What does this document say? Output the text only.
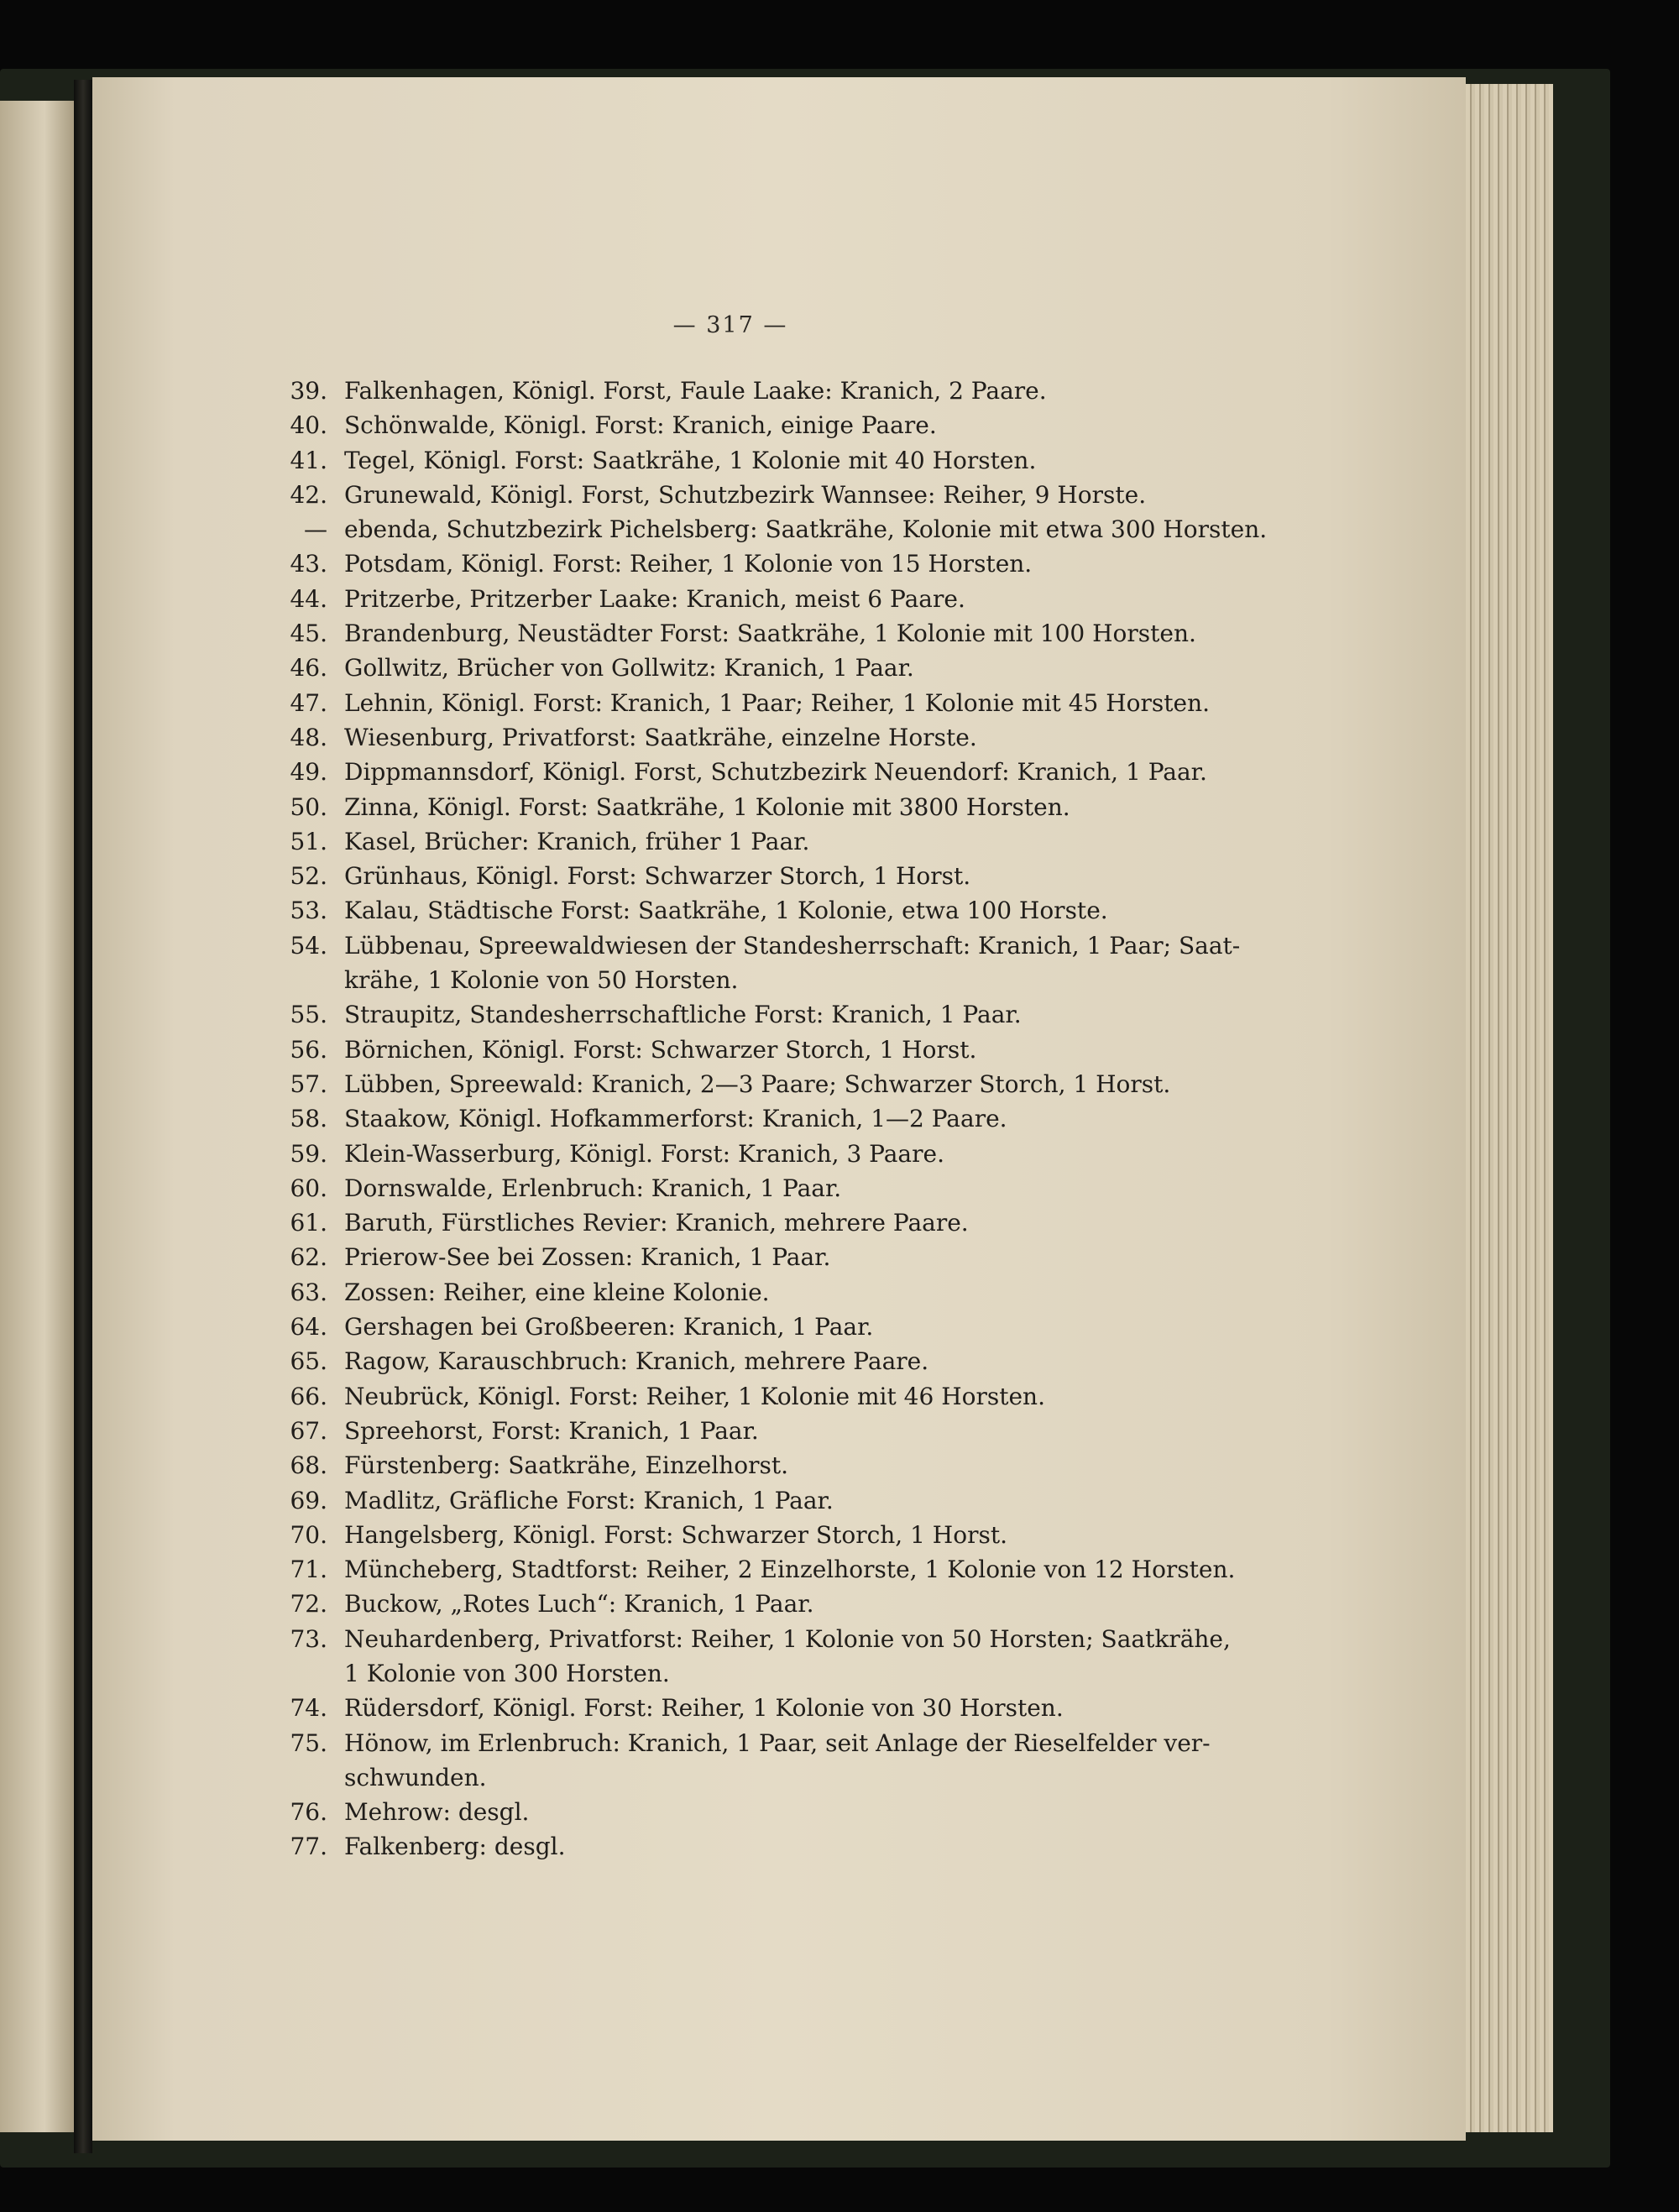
— 317 —
39. Falkenhagen, Königl. Forst, Faule Laake: Kranich, 2 Paare.
40. Schönwalde, Königl. Forst: Kranich, einige Paare.
41. Tegel, Königl. Forst: Saatkrähe, 1 Kolonie mit 40 Horsten.
42. Grunewald, Königl. Forst, Schutzbezirk Wannsee: Reiher, 9 Horste.
— ebenda, Schutzbezirk Pichelsberg: Saatkrähe, Kolonie mit etwa 300 Horsten.
43. Potsdam, Königl. Forst: Reiher, 1 Kolonie von 15 Horsten.
44. Pritzerbe, Pritzerber Laake: Kranich, meist 6 Paare.
45. Brandenburg, Neustädter Forst: Saatkrähe, 1 Kolonie mit 100 Horsten.
46. Gollwitz, Brücher von Gollwitz: Kranich, 1 Paar.
47. Lehnin, Königl. Forst: Kranich, 1 Paar; Reiher, 1 Kolonie mit 45 Horsten.
48. Wiesenburg, Privatforst: Saatkrähe, einzelne Horste.
49. Dippmannsdorf, Königl. Forst, Schutzbezirk Neuendorf: Kranich, 1 Paar.
50. Zinna, Königl. Forst: Saatkrähe, 1 Kolonie mit 3800 Horsten.
51. Kasel, Brücher: Kranich, früher 1 Paar.
52. Grünhaus, Königl. Forst: Schwarzer Storch, 1 Horst.
53. Kalau, Städtische Forst: Saatkrähe, 1 Kolonie, etwa 100 Horste.
54. Lübbenau, Spreewaldwiesen der Standesherrschaft: Kranich, 1 Paar; Saat-
krähe, 1 Kolonie von 50 Horsten.
55. Straupitz, Standesherrschaftliche Forst: Kranich, 1 Paar.
56. Börnichen, Königl. Forst: Schwarzer Storch, 1 Horst.
57. Lübben, Spreewald: Kranich, 2—3 Paare; Schwarzer Storch, 1 Horst.
58. Staakow, Königl. Hofkammerforst: Kranich, 1—2 Paare.
59. Klein-Wasserburg, Königl. Forst: Kranich, 3 Paare.
60. Dornswalde, Erlenbruch: Kranich, 1 Paar.
61. Baruth, Fürstliches Revier: Kranich, mehrere Paare.
62. Prierow-See bei Zossen: Kranich, 1 Paar.
63. Zossen: Reiher, eine kleine Kolonie.
64. Gershagen bei Großbeeren: Kranich, 1 Paar.
65. Ragow, Karauschbruch: Kranich, mehrere Paare.
66. Neubrück, Königl. Forst: Reiher, 1 Kolonie mit 46 Horsten.
67. Spreehorst, Forst: Kranich, 1 Paar.
68. Fürstenberg: Saatkrähe, Einzelhorst.
69. Madlitz, Gräfliche Forst: Kranich, 1 Paar.
70. Hangelsberg, Königl. Forst: Schwarzer Storch, 1 Horst.
71. Müncheberg, Stadtforst: Reiher, 2 Einzelhorste, 1 Kolonie von 12 Horsten.
72. Buckow, „Rotes Luch“: Kranich, 1 Paar.
73. Neuhardenberg, Privatforst: Reiher, 1 Kolonie von 50 Horsten; Saatkrähe,
1 Kolonie von 300 Horsten.
74. Rüdersdorf, Königl. Forst: Reiher, 1 Kolonie von 30 Horsten.
75. Hönow, im Erlenbruch: Kranich, 1 Paar, seit Anlage der Rieselfelder ver-
schwunden.
76. Mehrow: desgl.
77. Falkenberg: desgl.
